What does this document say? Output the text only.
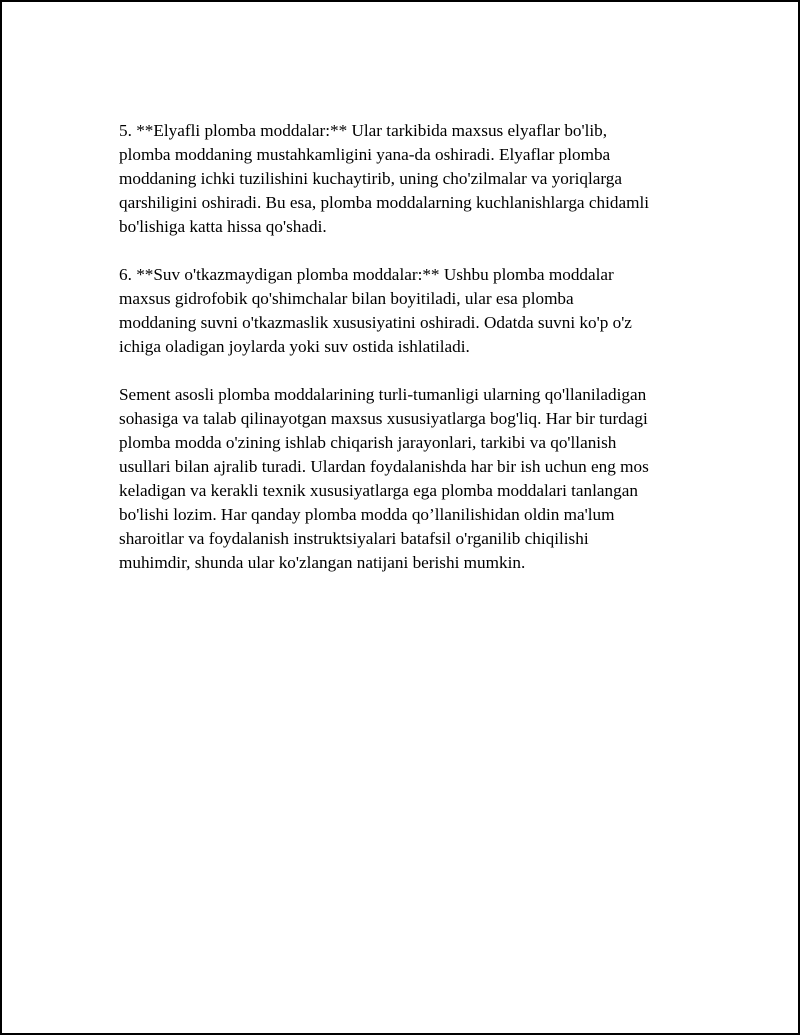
5. **Elyafli plomba moddalar:** Ular tarkibida maxsus elyaflar bo'lib,
plomba moddaning mustahkamligini yana-da oshiradi. Elyaflar plomba
moddaning ichki tuzilishini kuchaytirib, uning cho'zilmalar va yoriqlarga
qarshiligini oshiradi. Bu esa, plomba moddalarning kuchlanishlarga chidamli
bo'lishiga katta hissa qo'shadi.

6. **Suv o'tkazmaydigan plomba moddalar:** Ushbu plomba moddalar
maxsus gidrofobik qo'shimchalar bilan boyitiladi, ular esa plomba
moddaning suvni o'tkazmaslik xususiyatini oshiradi. Odatda suvni ko'p o'z
ichiga oladigan joylarda yoki suv ostida ishlatiladi.

Sement asosli plomba moddalarining turli-tumanligi ularning qo'llaniladigan
sohasiga va talab qilinayotgan maxsus xususiyatlarga bog'liq. Har bir turdagi
plomba modda o'zining ishlab chiqarish jarayonlari, tarkibi va qo'llanish
usullari bilan ajralib turadi. Ulardan foydalanishda har bir ish uchun eng mos
keladigan va kerakli texnik xususiyatlarga ega plomba moddalari tanlangan
bo'lishi lozim. Har qanday plomba modda qo’llanilishidan oldin ma'lum
sharoitlar va foydalanish instruktsiyalari batafsil o'rganilib chiqilishi
muhimdir, shunda ular ko'zlangan natijani berishi mumkin.
